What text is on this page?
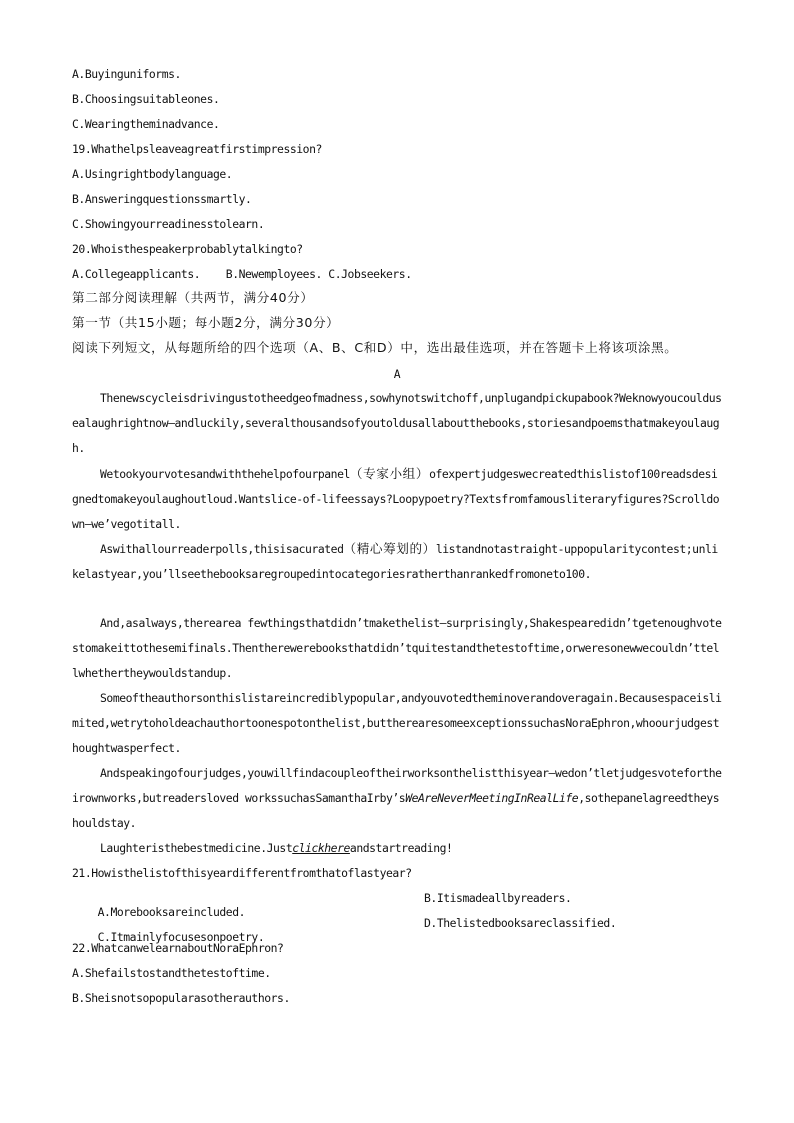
A.Buyinguniforms.
B.Choosingsuitableones.
C.Wearingtheminadvance.
19.Whathelpsleaveagreatfirstimpression?
A.Usingrightbodylanguage.
B.Answeringquestionssmartly.
C.Showingyourreadinesstolearn.
20.Whoisthespeakerprobablytalkingto?
A.Collegeapplicants.    B.Newemployees. C.Jobseekers.
第二部分阅读理解（共两节，满分40分）
第一节（共15小题；每小题2分，满分30分）
阅读下列短文，从每题所给的四个选项（A、B、C和D）中，选出最佳选项，并在答题卡上将该项涂黑。
A
Thenewscycleisdrivingustotheedgeofmadness,sowhynotswitchoff,unplugandpickupabook?Weknowyoucouldusealaughrightnow—andluckily,severalthousandsofyoutoldusallaboutthebooks,storiesandpoemsthatmakeyoulaugh.
Wetookyourvotesandwiththehelpofourpanel（专家小组）ofexpertjudgeswecreatedthislistof100readsdesignedtomakeyoulaughoutloud.Wantslice-of-lifeessays?Loopypoetry?Textsfromfamousliteraryfigures?Scrolldown—we’vegotitall.
Aswithallourreaderpolls,thisisacurated（精心筹划的）listandnotastraight-uppopularitycontest;unlikelastyear,you’llseethebooksaregroupedintocategoriesratherthanrankedfromoneto100.
And,asalways,therearea fewthingsthatdidn’tmakethelist—surprisingly,Shakespearedidn’tgetenoughvotestomakeittothesemifinals.Thentherewerebooksthatdidn’tquitestandthetestoftime,orweresonewwecouldn’ttellwhethertheywouldstandup.
Someoftheauthorsonthislistareincrediblypopular,andyouvotedtheminoverandoveragain.Becausespaceislimited,wetrytoholdeachauthortoonespotonthelist,buttherearesomeexceptionssuchasNoraEphron,whoourjudgesthoughtwasperfect.
Andspeakingofourjudges,youwillfindacoupleoftheirworksonthelistthisyear—wedon’tletjudgesvotefortheirownworks,butreadersloved workssuchasSamanthaIrby’sWeAreNeverMeetingInRealLife,sothepanelagreedtheyshouldstay.
Laughteristhebestmedicine.Justclickhereandstartreading!
21.Howisthelistofthisyeardifferentfromthatoflastyear?

A.Morebooksareincluded.

B.Itismadeallbyreaders.

C.Itmainlyfocusesonpoetry.

D.Thelistedbooksareclassified.

22.WhatcanwelearnaboutNoraEphron?
A.Shefailstostandthetestoftime.
B.Sheisnotsopopularasotherauthors.
